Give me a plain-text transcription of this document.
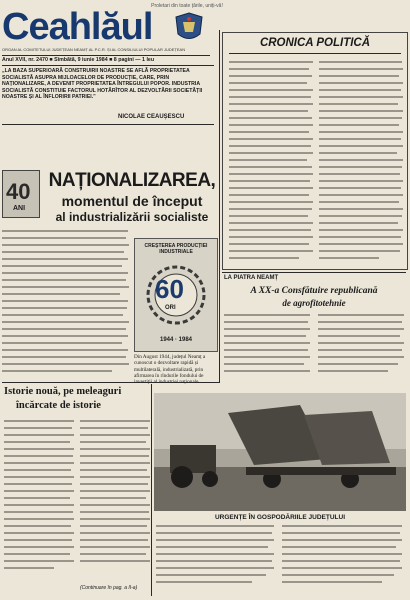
Proletari din toate țările, uniți-vă!
Ceahlăul
ORGAN AL COMITETULUI JUDEȚEAN NEAMȚ AL P.C.R. ȘI AL CONSILIULUI POPULAR JUDEȚEAN
Anul XVII, nr. 2470 ■ Sîmbătă, 9 iunie 1984 ■ 8 pagini — 1 leu
„LA BAZA SUPERIOARĂ CONSTRUIRII NOASTRE SE AFLĂ PROPRIETATEA SOCIALISTĂ ASUPRA MIJLOACELOR DE PRODUCȚIE, CARE, PRIN NAȚIONALIZARE, A DEVENIT PROPRIETATEA ÎNTREGULUI POPOR. INDUSTRIA SOCIALISTĂ CONSTITUIE FACTORUL HOTĂRÎTOR AL DEZVOLTĂRII SOCIETĂȚII NOASTRE ȘI AL ÎNFLORIRII PATRIEI.”
NICOLAE CEAUȘESCU
40
ANI
NAȚIONALIZAREA,
momentul de început
al industrializării socialiste
CREȘTEREA PRODUCȚIEI INDUSTRIALE
60
ORI
1944 · 1984
Din August 1944, județul Neamț a cunoscut o dezvoltare rapidă și multilaterală, industrializată, prin afirmarea în rîndurile fondului de
CRONICA POLITICĂ
LA PIATRA NEAMȚ
A XX-a Consfătuire republicană
de agrofitotehnie
Istorie nouă, pe meleaguri
încărcate de istorie
(Continuare în pag. a II-a)
URGENȚE ÎN GOSPODĂRIILE JUDEȚULUI
